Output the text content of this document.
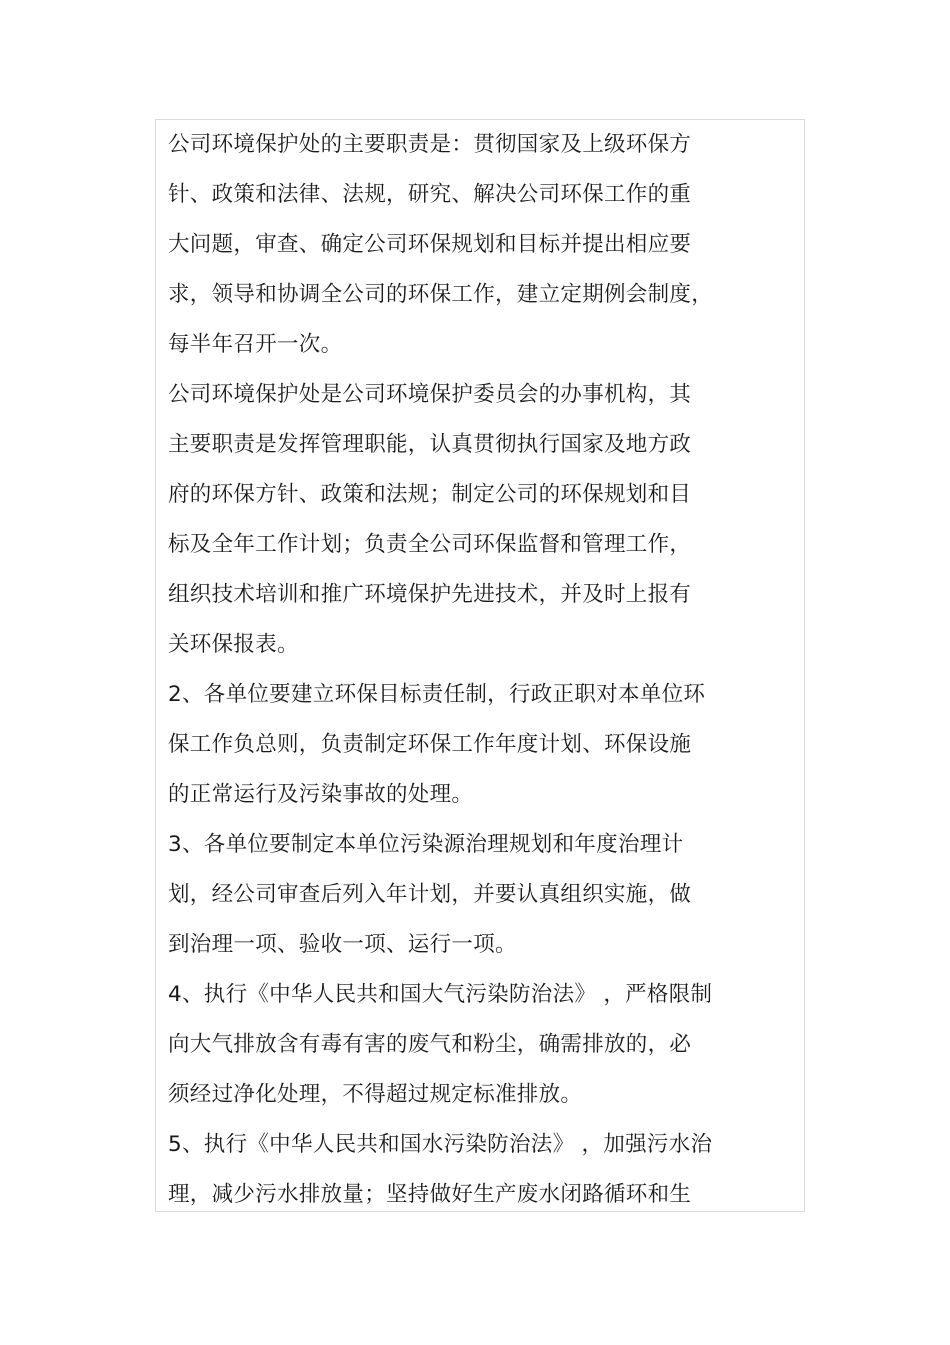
公司环境保护处的主要职责是：贯彻国家及上级环保方
针、政策和法律、法规，研究、解决公司环保工作的重
大问题，审查、确定公司环保规划和目标并提出相应要
求，领导和协调全公司的环保工作，建立定期例会制度，
每半年召开一次。
公司环境保护处是公司环境保护委员会的办事机构，其
主要职责是发挥管理职能，认真贯彻执行国家及地方政
府的环保方针、政策和法规；制定公司的环保规划和目
标及全年工作计划；负责全公司环保监督和管理工作，
组织技术培训和推广环境保护先进技术，并及时上报有
关环保报表。
2、各单位要建立环保目标责任制，行政正职对本单位环
保工作负总则，负责制定环保工作年度计划、环保设施
的正常运行及污染事故的处理。
3、各单位要制定本单位污染源治理规划和年度治理计
划，经公司审查后列入年计划，并要认真组织实施，做
到治理一项、验收一项、运行一项。
4、执行《中华人民共和国大气污染防治法》 ，严格限制
向大气排放含有毒有害的废气和粉尘，确需排放的，必
须经过净化处理，不得超过规定标准排放。
5、执行《中华人民共和国水污染防治法》 ，加强污水治
理，减少污水排放量；坚持做好生产废水闭路循环和生
